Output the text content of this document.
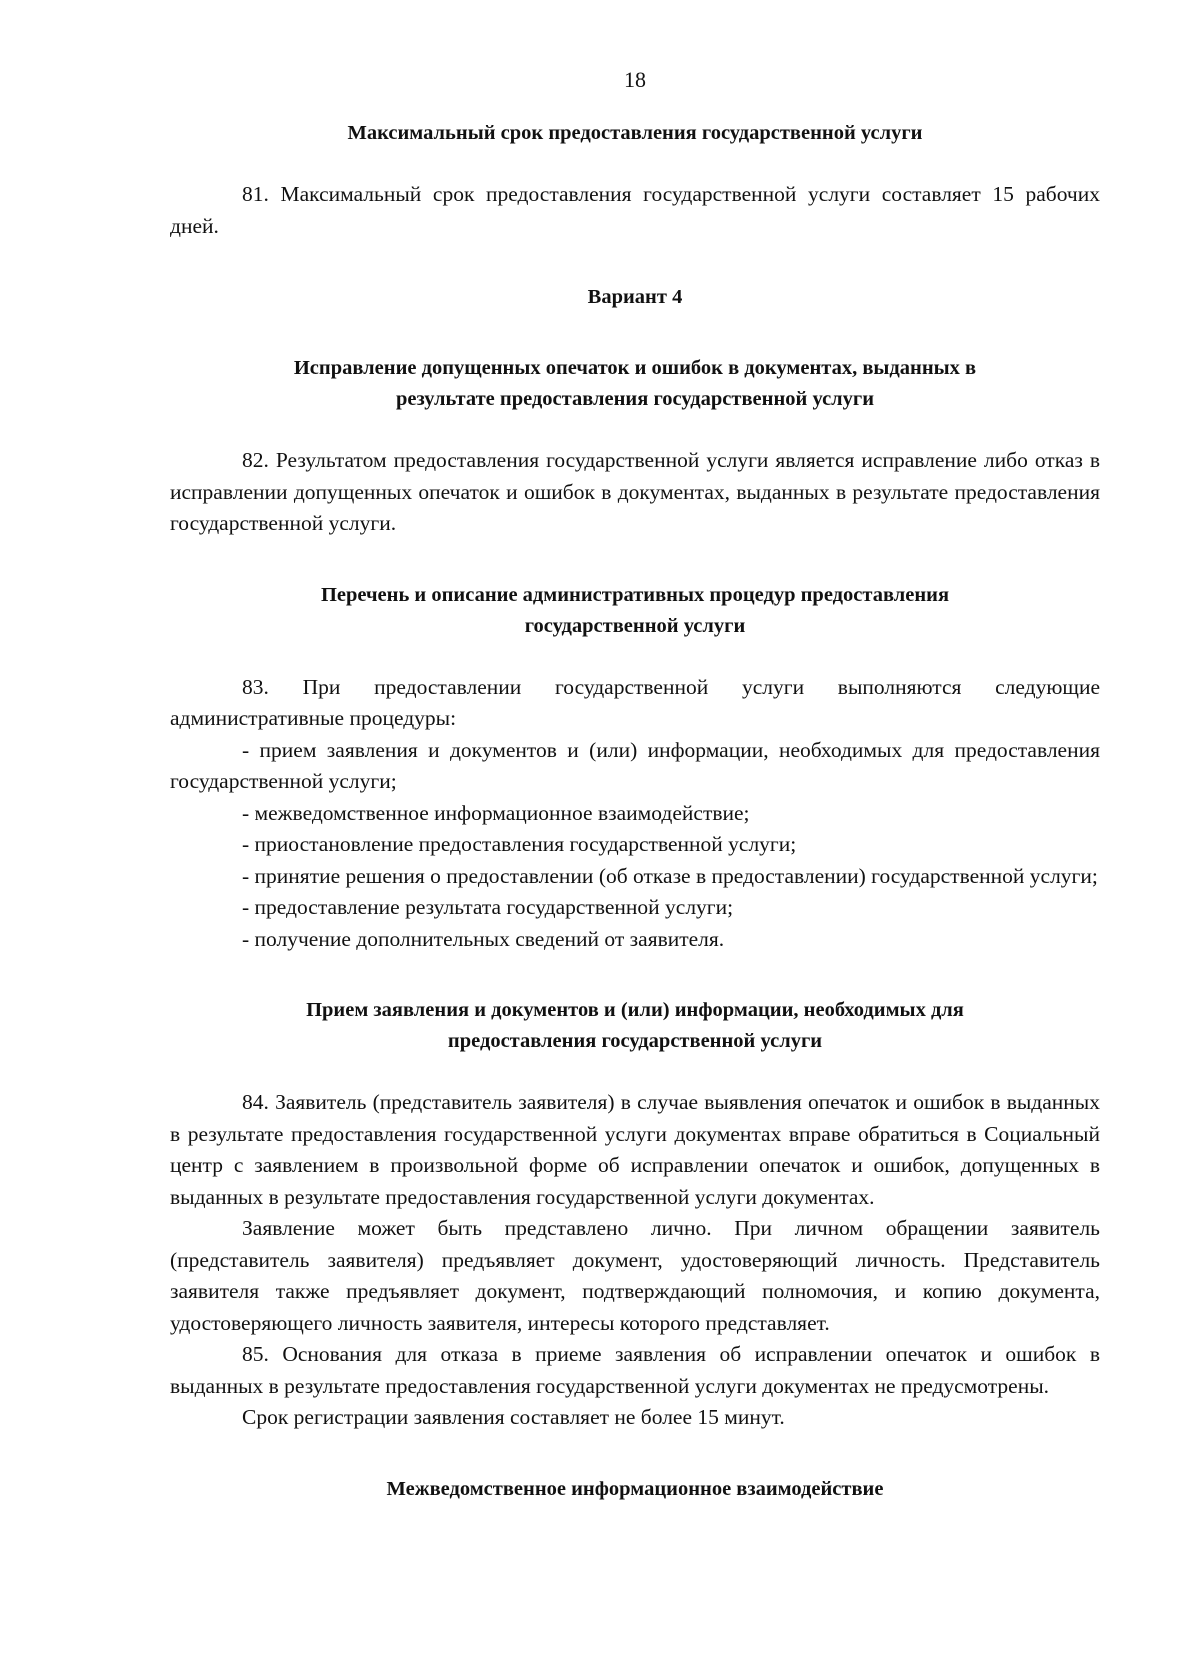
18

Максимальный срок предоставления государственной услуги

81. Максимальный срок предоставления государственной услуги составляет 15 рабочих дней.

Вариант 4

Исправление допущенных опечаток и ошибок в документах, выданных в результате предоставления государственной услуги

82. Результатом предоставления государственной услуги является исправление либо отказ в исправлении допущенных опечаток и ошибок в документах, выданных в результате предоставления государственной услуги.

Перечень и описание административных процедур предоставления государственной услуги

83. При предоставлении государственной услуги выполняются следующие административные процедуры:

- прием заявления и документов и (или) информации, необходимых для предоставления государственной услуги;

- межведомственное информационное взаимодействие;

- приостановление предоставления государственной услуги;

- принятие решения о предоставлении (об отказе в предоставлении) государственной услуги;

- предоставление результата государственной услуги;

- получение дополнительных сведений от заявителя.

Прием заявления и документов и (или) информации, необходимых для предоставления государственной услуги

84. Заявитель (представитель заявителя) в случае выявления опечаток и ошибок в выданных в результате предоставления государственной услуги документах вправе обратиться в Социальный центр с заявлением в произвольной форме об исправлении опечаток и ошибок, допущенных в выданных в результате предоставления государственной услуги документах.

Заявление может быть представлено лично. При личном обращении заявитель (представитель заявителя) предъявляет документ, удостоверяющий личность. Представитель заявителя также предъявляет документ, подтверждающий полномочия, и копию документа, удостоверяющего личность заявителя, интересы которого представляет.

85. Основания для отказа в приеме заявления об исправлении опечаток и ошибок в выданных в результате предоставления государственной услуги документах не предусмотрены.

Срок регистрации заявления составляет не более 15 минут.

Межведомственное информационное взаимодействие
